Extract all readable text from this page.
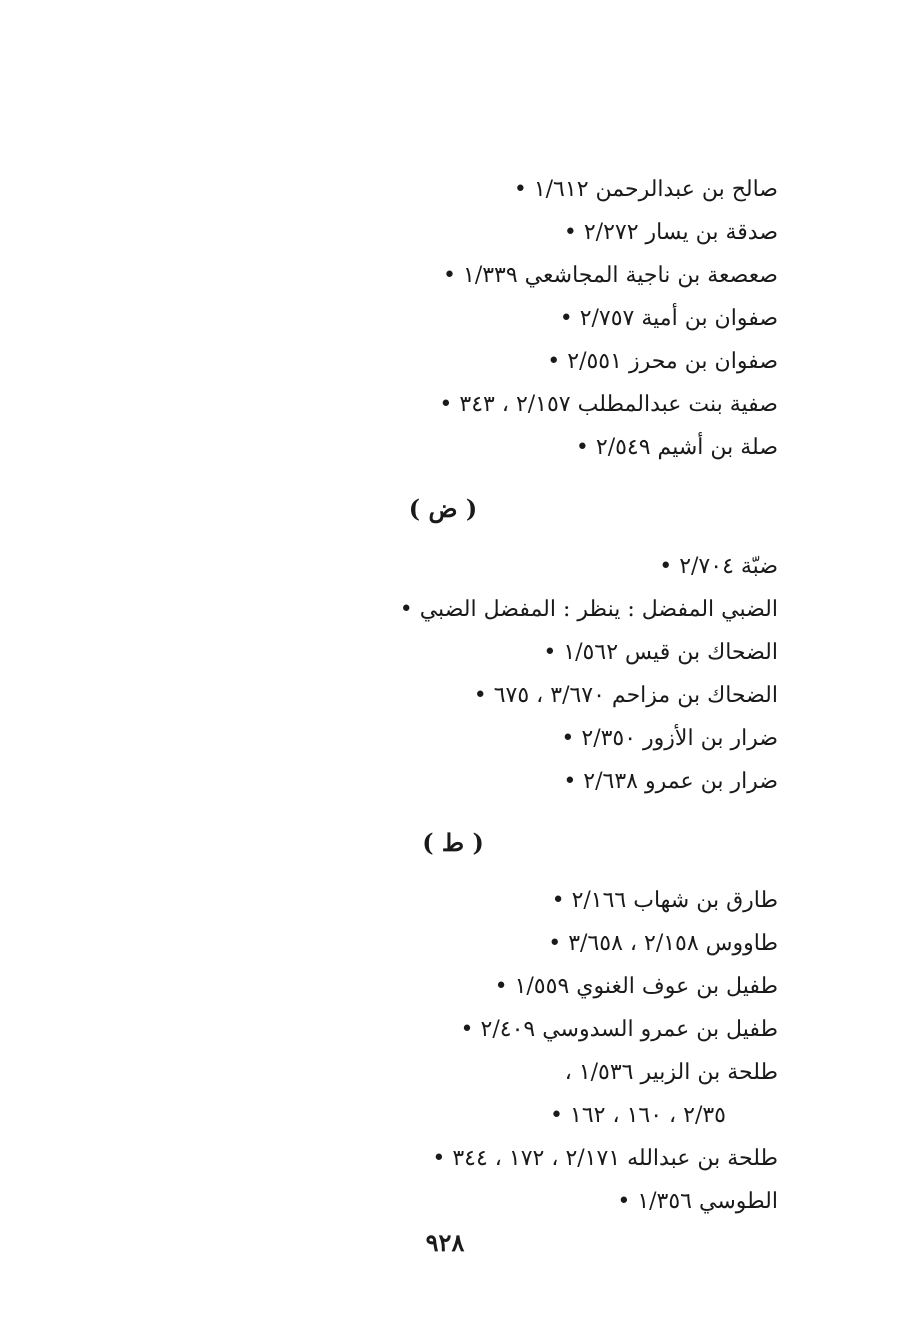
صالح بن عبدالرحمن ١/٦١٢ •
صدقة بن يسار ٢/٢٧٢ •
صعصعة بن ناجية المجاشعي ١/٣٣٩ •
صفوان بن أمية ٢/٧٥٧ •
صفوان بن محرز ٢/٥٥١ •
صفية بنت عبدالمطلب ٢/١٥٧ ، ٣٤٣ •
صلة بن أشيم ٢/٥٤٩ •
( ض )
ضبّة ٢/٧٠٤ •
الضبي المفضل : ينظر : المفضل الضبي •
الضحاك بن قيس ١/٥٦٢ •
الضحاك بن مزاحم ٣/٦٧٠ ، ٦٧٥ •
ضرار بن الأزور ٢/٣٥٠ •
ضرار بن عمرو ٢/٦٣٨ •
( ط )
طارق بن شهاب ٢/١٦٦ •
طاووس ٢/١٥٨ ، ٣/٦٥٨ •
طفيل بن عوف الغنوي ١/٥٥٩ •
طفيل بن عمرو السدوسي ٢/٤٠٩ •
طلحة بن الزبير ١/٥٣٦ ،
٢/٣٥ ، ١٦٠ ، ١٦٢ •
طلحة بن عبدالله ٢/١٧١ ، ١٧٢ ، ٣٤٤ •
الطوسي ١/٣٥٦ •
٩٢٨
